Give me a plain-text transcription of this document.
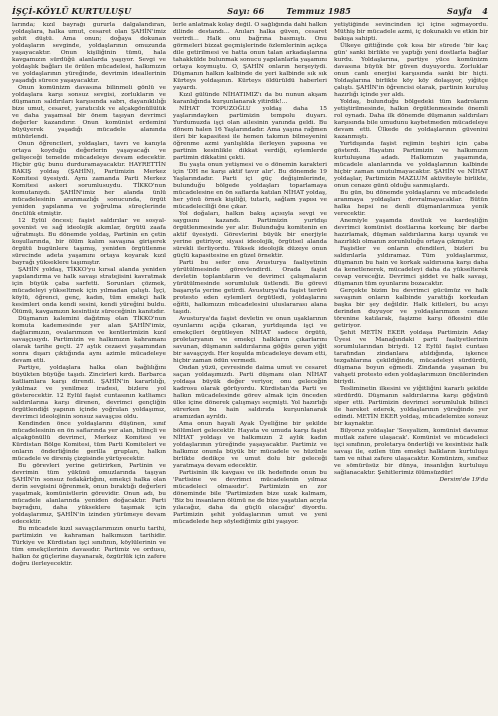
İŞÇİ-KÖYLÜ KURTULUŞU	Sayı: 66	Temmuz 1985	Sayfa 4

larında; kızıl bayrağı gururla dalgalandıran, yoldaşlara, halka umut, cesaret olan ŞAHİN'imiz şehit düştü. Ama onun; doğaya dokunan yoldaşların sevginde, yoldaşlarının omuzunda yaşayacaktır. Onun kişiliğinin tümü, hala kavgamızın sürdüğü alanlarda yaşıyor. Sevgi ve yoldaşlık bağları ile örülen mücadelesi, halkımızın ve yoldaşlarının yüreğinde, devrimin ideallerinin yaşadığı sürece yaşayacaktır.

Onun komünizm davasına bilinmeli gönlü ve yoldaşlara karşı sonsuz sevgisi, zorlukların ve düşmanın saldırıları karşısında sabrı, dayanıklılığı bize umut, cesaret, yaratıcılık ve alçakgönüllülük ve daha yaşamsal bir önem taşıyan devrimci değerler kazandırır. Onun komünist erdemini büyüyerek yaşadığı mücadele alanında mühürlendi.

Onun öğrencileri, yoldaşları, tavrı ve kanıyla ortaya koyduğu değerlerin yaşayacağı ve gelişeceği temelde mücadeleye devam edecektir. Hiçbir güç bunu durduramayacaktır. HAYRETTİN BAKIŞ yoldaş (ŞAHİN), Partimizin Merkez Komitesi üyesiydi. Aynı zamanda Parti Merkez Komitesi askeri sorumlusuydu. TİKKO'nun komutanıydı. ŞAHİN'imiz her alanda ünlü mücadelesinin aranmazlığı sonucunda, örgüt yeniden yapılanma ve yoğrulma süreçlerinde öncülük etmiştir.

12 Eylül öncesi; faşist saldırılar ve sosyal-şovenist ve sağ ideolojik akımlar, örgütü zaafa uğratmıştı. Bu dönemde yoldaş, Partinin en çetin koşullarında, bir ölüm kalım savaşına girişerek örgütü bugünlere taşımış, yeniden örgütlenme sürecinde adeta yaşamını ortaya koyarak kızıl bayrağı yükseklere taşımıştır.

ŞAHİN yoldaş, TİKKO'yu kırsal alanda yeniden yapılandırma ve halk savaşı stratejisini kavratmak için büyük çaba sarfetti. Sorunları çözmek, mücadeleyi yükseltmek için yılmadan çalıştı. İşçi, köylü, öğrenci, genç, kadın, tüm emekçi halk kesimleri onda kendi sesini, kendi yüreğini buldu. Ölümü, kavgamızın kesintisiz süreceğinin kanıtıdır.

Düşmanın kalemini dağıtmış olan TİKKO'nun komuta kademesinde yer alan ŞAHİN'imiz, dağlarımızın, ovalarımızın ve kentlerimizin kızıl savaşçısıydı. Partimizin ve halkımızın kahramanı olarak tarihe geçti. 27 aylık cezaevi yaşamından sonra dışarı çıktığında aynı azimle mücadeleye devam etti.

Partiye, yoldaşlara halka olan bağlılığını büyükten büyüğe taşıdı. Zincirleri kırdı. Barbarca katliamlara karşı direndi. ŞAHİN'in kararlılığı, yıkılmaz ve yenilmez iradesi, bizlere yol gösterecektir. 12 Eylül faşist cuntasının katliamcı saldırılarına karşı direnen, devrimci gençliğin örgütlendiği yapının içinde yoğrulan yoldaşımız, devrimci ideolojinin sonsuz savaşçısı oldu.

Kendinden önce yoldaşlarını düşünen, sınıf mücadelesinin en ön saflarında yer alan, bilinçli ve alçakgönüllü devrimci, Merkez Komitesi ve Kürdistan Bölge Komitesi, tüm Parti Komiteleri ve onların önderliğinde gerilla grupları, halkın mücadele ve direniş çizgisinde yürüyecektir.

Bu görevleri yerine getirirken, Partinin ve devrimin tüm yükünü omuzlarında taşıyan ŞAHİN'in sonsuz fedakârlığını, emekçi halka olan derin sevgisini öğrenmek, onun bıraktığı değerleri yaşatmak, komünistlerin görevidir. Onun adı, bu mücadele alanlarında yeniden doğacaktır. Parti bayrağını, daha yükseklere taşımak için yoldaşlarımız, ŞAHİN'in izinden yürümeye devam edecektir.

Bu mücadele kızıl savaşçılarımızın onurlu tarihi, partimizin ve kahraman halkımızın tarihidir. Türkiye ve Kürdistan işçi sınıfının, köylülerinin ve tüm emekçilerinin davasıdır. Partimiz ve ordusu, halkın öz güçlerine dayanarak, özgürlük için zafere doğru ilerleyecektir.

lerle anlatmak kolay değil. O sağlığında dahi halkın dilinde destandı… Anıları halka güven, cesaret verirdi… Halk onu bağrına basmıştı. Onu görmeleri bizzat geçmişlerinde özlemlerinin açıkça dile getirilmesi ve hatta onun talan arkadaşlarına tahakkülde bulunmak sonucu yapılanlarla yaşamını ortaya koymuştu. O, ŞAHİN onların herşeyiydi. Düşmanın halkın kalbinde de yeri kalbinde sık sık Kürteys yoldaşının. Kürteys öldürüldü haberleri yayardı.

Kızıl gülünde NİHATIMIZ'ı da bu nunun akşam karanlığında kurşunlanarak yitirdik!...

NİHAT TOPUZOĞLU yoldaş daha 15 yaşlarındayken partimizin tempolu duyarı. Yurdumuzda işçi olan ailesinin yanında geldi. Bu dönem halen 16 Yaşlarındadır. Ama yaşına rağmen ileri bir kapasitesi ile hemen takımın bilmeyenini öğrenme azmi yanlışlıkla ilerleyen yapısına ve partinin kesinlikle dikkat verdiği, eylemlerde partimin dikkatini çekti.

Bu yaşta onun yetişmesi ve o dönemin karakteri için 'DH ne karşı aktif tavır alır'. Bu dönemde 19 Yaşlarındadır. Parti içi güç değişimlerinde, bulunduğu bölgede yoldaşları toparlamaya mücadelesine en ön saflarda katılan NİHAT yoldaş, her yönü örnek kişiliği, tutarlı, sağlam yapısı ve mücadeleciliği öne çıkar.

Yol doğaları, halkın bakış açısıyla sevgi ve saygısını kazandı. Partimizin yurtdışı örgütlenmesinde yer alır. Bulunduğu komitenin en aktif üyesiydi. Görevlerini büyük bir enerjiyle yerine getiriyor, siyasi ideolojik, örgütsel alanda sürekli ilerliyordu. Yüksek ideolojik düzeye onun güçlü kapasitesine en güzel örnektir.

Parti bu sefer onu Avusturya faaliyetinin yürütülmesinde görevlendirdi. Orada faşist devletin toplantıların ve devrimci çalışmaların yürütülmesinde sorumluluk üstlendi. Bu görevi başarıyla yerine getirdi. Avusturya'da faşist terörü protesto eden eylemleri örgütledi, yoldaşlarını eğitti, halkımızın mücadelesini uluslararası alana taşıdı.

Avusturya'da faşist devletin ve onun uşaklarının oyunlarını açığa çıkaran, yurtdışında işçi ve emekçileri örgütleyen NİHAT sadece örgütü, proletaryanın ve emekçi halkların çıkarlarını savunan, düşmanın saldırılarına göğüs geren yiğit bir savaşçıydı. Her koşulda mücadeleye devam etti, hiçbir zaman ödün vermedi.

Ondan yüzü, çevresinde daima umut ve cesaret saçan yoldaşımızdı. Parti düşmanı olan NİHAT yoldaşa büyük değer veriyor, onu geleceğin kadrosu olarak görüyordu. Kürdistan'da Parti ve halkın mücadelesinde görev almak için önceden ülke içine dönerek çalışmayı seçmişti. Yol hazırlığı sürerken bu hain saldırıda kurşunlanarak aramızdan ayrıldı.

Ama onun hayali Ayak Üyeliğine bir şekilde bölümleri gelecektir. Hayata ve umuda karşı faşist NİHAT yoldaşı ve halkımızın 2 aylık kadın yoldaşlarının yüreğinde yaşayacaktır. Partimiz ve halkımız onunla büyük bir mücadele ve hüzünle birlikte dedikçe ve umut dolu bir geleceği yaratmaya devam edecektir.

Partisinin ilk kavgası ve ilk hedefinde onun bu 'Partisine ve devrimci mücadelenin yılmaz mücadeleci olmasıdır'. Partimizin en zor döneminde bile 'Partimizden bize uzak kalmam, 'Biz bu insanların ölümü ne de bize yaşatılan acıyla yılacağız, daha da güçlü olacağız' diyordu. Partimizin şehit yoldaşlarının umut ve yeni mücadelede hep söylediğimiz gibi yaşıyor.

yetiştiğinde sevincinden içi içine sığmayordu. Müthiş bir mücadele azmi, iç dokunaklı ve etkin bir bakışa sahipti.

Ülkeye gittiğinde çok kısa bir sürede 'bir kaç gün' sanki birlikte ve yaptığı yeni dostlarla bağlar kurdu. Yoldaşlarına, partiye yüce komünizm davasına büyük bir güven duyuyordu. Zorluklar onun canlı enerjisi karşısında sanki bir hiçti. Yoldaşlarına birlikte köy köy dolaşıyor, yiğitçe çalıştı. ŞAHİN'in öğrencisi olarak, partinin kuruluş hazırlığı içinde yer aldı.

Yoldaş, bulunduğu bölgedeki tüm kadroların yetiştirilmesinde, halkın örgütlenmesinde önemli rol oynadı. Daha ilk dönemde düşmanın saldırıları karşısında bile umudunu kaybetmeden mücadeleye devam etti. Ülkede de yoldaşlarının güvenini kazanmıştı.

Yurtdışında faşist rejimin teşhiri için çaba gösterdi. Hayatını Partimizin ve halkımızın kurtuluşuna adadı. Halkımızın yaşamında, mücadele alanlarında ve yoldaşlarının kalbinde hiçbir zaman unutulmayacaktır. ŞAHİN ve NİHAT yoldaşlar, Partimizin MAZLUM aktiviteyle birlikte, onun cenaze günü olduğu sanmışlardı.

Bu gün, bu dönemde yoldaşlarını ve mücadelede aranmaya yoldaşları devralmayacaklar. Bütün halka hepsi ne denli düşmanlarımıza yenik verecektir.

Anemiyle yaşamda dostluk ve kardeşliğin devrimci komünist dostlarına korkunç bir darbe hazırlamak, düşman saldırılarına karşı uyanık ve hazırlıklı olmanın zorunluluğu ortaya çıkmıştır.

Faşistler ve onların efendileri, bizleri bu saldırılarla yıldıramaz. Tüm yoldaşlarımız, düşmanın bu hain ve korkak saldırısına karşı daha da kenetlenerek, mücadeleyi daha da yükselterek cevap vereceğiz. Devrimci şiddet ve halk savaşı, düşmanın tüm oyunlarını bozacaktır.

Gerçekte bizim bu devrimci gücümüz ve halk savaşının onların kalbinde yarattığı korkudan başka bir şey değildir. Halk kitleleri, bu acıyı derinden duyuyor ve yoldaşlarımızın cenaze törenine katılarak, faşizme karşı öfkesini dile getiriyor.

Şehit METİN EKER yoldaşa Partimizin Aday Üyesi ve Manağındaki parti faaliyetlerinin sorumlularından biriydi. 12 Eylül faşist cuntası tarafından zindanlara atıldığında, işkence tezgahlarına çekildiğinde, mücadeleyi sürdürdü, düşmana boyun eğmedi. Zindanda yaşanan bu vahşeti protesto eden yoldaşlarımızın öncülerinden biriydi.

Tesliminetin ilkesini ve yiğitliğini kararlı şekilde sürdürdü. Düşmanın saldırılarına karşı göğsünü siper etti. Partimizin devrimci sorumluluk bilinci ile hareket ederek, yoldaşlarının yüreğinde yer edindi. METİN EKER yoldaş, mücadelemize sonsuz bir kaynaktır.

Bilyoruz yoldaşlar 'Sosyalizm, komünist davamız mutlak zafere ulaşacak'. Komünist ve mücadeleci işçi sınıfının, proletarya önderliği ve kesintisiz halk savaşı ile, ezilen tüm emekçi halkların kurtuluşu tam ve nihai zafere ulaşacaktır. Komünizm, sınıfsız ve sömürüsüz bir dünya, insanlığın kurtuluşu sağlanacaktır. Şehitlerimiz ölümsüzdür!

Dersim'de 19'da
